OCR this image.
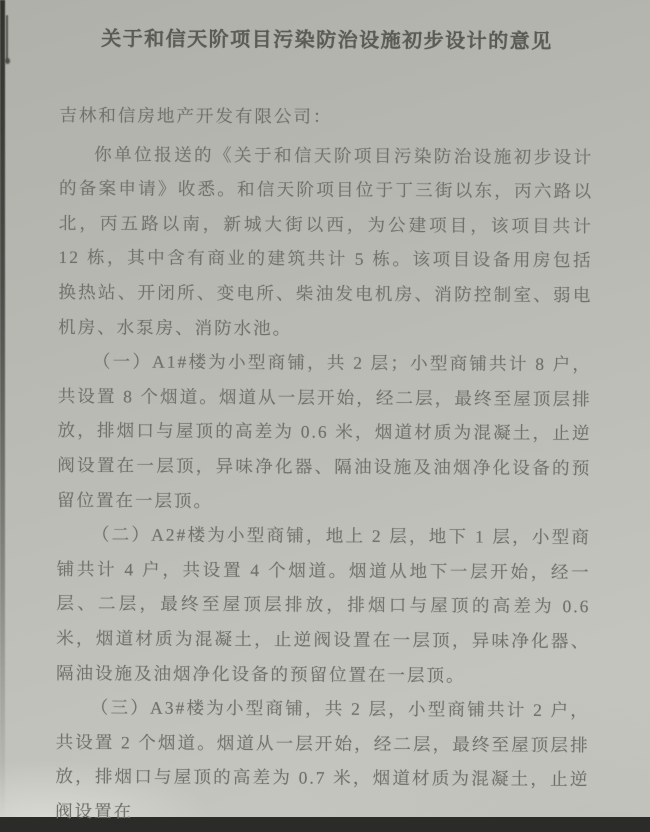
关于和信天阶项目污染防治设施初步设计的意见

吉林和信房地产开发有限公司：

你单位报送的《关于和信天阶项目污染防治设施初步设计的备案申请》收悉。和信天阶项目位于丁三街以东，丙六路以北，丙五路以南，新城大街以西，为公建项目，该项目共计 12 栋，其中含有商业的建筑共计 5 栋。该项目设备用房包括换热站、开闭所、变电所、柴油发电机房、消防控制室、弱电机房、水泵房、消防水池。

（一）A1#楼为小型商铺，共 2 层；小型商铺共计 8 户，共设置 8 个烟道。烟道从一层开始，经二层，最终至屋顶层排放，排烟口与屋顶的高差为 0.6 米，烟道材质为混凝土，止逆阀设置在一层顶，异味净化器、隔油设施及油烟净化设备的预留位置在一层顶。

（二）A2#楼为小型商铺，地上 2 层，地下 1 层，小型商铺共计 4 户，共设置 4 个烟道。烟道从地下一层开始，经一层、二层，最终至屋顶层排放，排烟口与屋顶的高差为 0.6 米，烟道材质为混凝土，止逆阀设置在一层顶，异味净化器、隔油设施及油烟净化设备的预留位置在一层顶。

（三）A3#楼为小型商铺，共 2 层，小型商铺共计 2 户，共设置 2 个烟道。烟道从一层开始，经二层，最终至屋顶层排放，排烟口与屋顶的高差为 0.7 米，烟道材质为混凝土，止逆阀设置在
